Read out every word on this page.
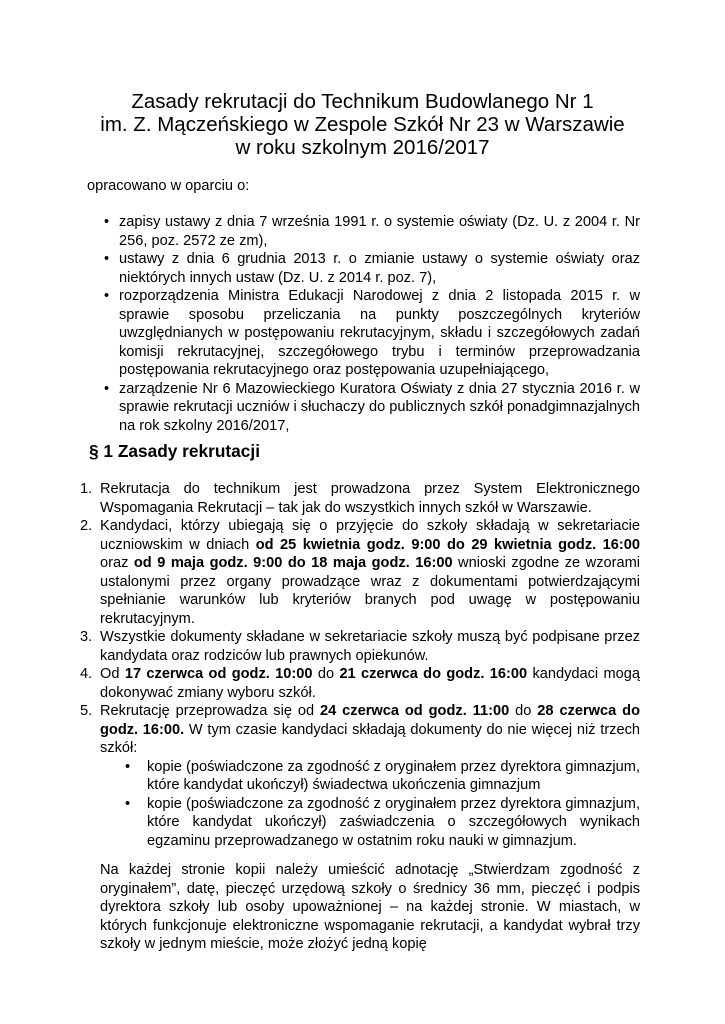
Zasady rekrutacji do Technikum Budowlanego Nr 1
im. Z. Mączeńskiego w Zespole Szkół Nr 23 w Warszawie
w roku szkolnym 2016/2017
opracowano w oparciu o:
• zapisy ustawy z dnia 7 września 1991 r. o systemie oświaty (Dz. U. z 2004 r. Nr 256, poz. 2572 ze zm),
• ustawy z dnia 6 grudnia 2013 r. o zmianie ustawy o systemie oświaty oraz niektórych innych ustaw (Dz. U. z 2014 r. poz. 7),
• rozporządzenia Ministra Edukacji Narodowej z dnia 2 listopada 2015 r. w sprawie sposobu przeliczania na punkty poszczególnych kryteriów uwzględnianych w postępowaniu rekrutacyjnym, składu i szczegółowych zadań komisji rekrutacyjnej, szczegółowego trybu i terminów przeprowadzania postępowania rekrutacyjnego oraz postępowania uzupełniającego,
• zarządzenie Nr 6 Mazowieckiego Kuratora Oświaty z dnia 27 stycznia 2016 r. w sprawie rekrutacji uczniów i słuchaczy do publicznych szkół ponadgimnazjalnych na rok szkolny 2016/2017,
§ 1 Zasady rekrutacji
1. Rekrutacja do technikum jest prowadzona przez System Elektronicznego Wspomagania Rekrutacji – tak jak do wszystkich innych szkół w Warszawie.
2. Kandydaci, którzy ubiegają się o przyjęcie do szkoły składają w sekretariacie uczniowskim w dniach od 25 kwietnia godz. 9:00 do 29 kwietnia godz. 16:00 oraz od 9 maja godz. 9:00 do 18 maja godz. 16:00 wnioski zgodne ze wzorami ustalonymi przez organy prowadzące wraz z dokumentami potwierdzającymi spełnianie warunków lub kryteriów branych pod uwagę w postępowaniu rekrutacyjnym.
3. Wszystkie dokumenty składane w sekretariacie szkoły muszą być podpisane przez kandydata oraz rodziców lub prawnych opiekunów.
4. Od 17 czerwca od godz. 10:00 do 21 czerwca do godz. 16:00 kandydaci mogą dokonywać zmiany wyboru szkół.
5. Rekrutację przeprowadza się od 24 czerwca od godz. 11:00 do 28 czerwca do godz. 16:00. W tym czasie kandydaci składają dokumenty do nie więcej niż trzech szkół:
• kopie (poświadczone za zgodność z oryginałem przez dyrektora gimnazjum, które kandydat ukończył) świadectwa ukończenia gimnazjum
• kopie (poświadczone za zgodność z oryginałem przez dyrektora gimnazjum, które kandydat ukończył) zaświadczenia o szczegółowych wynikach egzaminu przeprowadzanego w ostatnim roku nauki w gimnazjum.

Na każdej stronie kopii należy umieścić adnotację „Stwierdzam zgodność z oryginałem”, datę, pieczęć urzędową szkoły o średnicy 36 mm, pieczęć i podpis dyrektora szkoły lub osoby upoważnionej – na każdej stronie. W miastach, w których funkcjonuje elektroniczne wspomaganie rekrutacji, a kandydat wybrał trzy szkoły w jednym mieście, może złożyć jedną kopię
